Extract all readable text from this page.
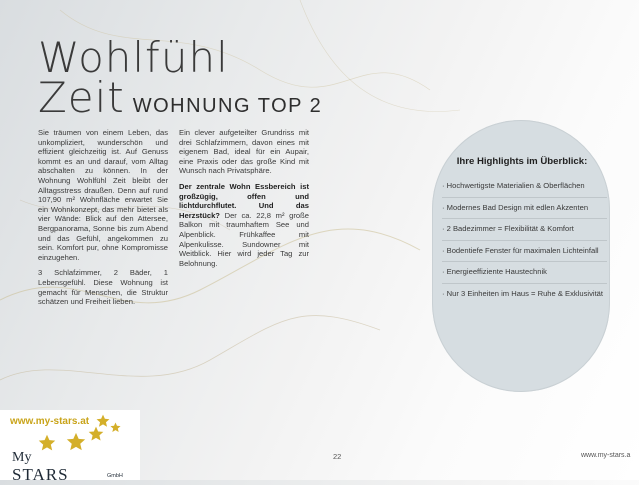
Wohlfühl
Zeit WOHNUNG TOP 2

Sie träumen von einem Leben, das unkompliziert, wunderschön und effizient gleichzeitig ist. Auf Genuss kommt es an und darauf, vom Alltag abschalten zu können. In der Wohnung Wohlfühl Zeit bleibt der Alltagsstress draußen. Denn auf rund 107,90 m² Wohnfläche erwartet Sie ein Wohnkonzept, das mehr bietet als vier Wände: Blick auf den Attersee, Bergpanorama, Sonne bis zum Abend und das Gefühl, angekommen zu sein. Komfort pur, ohne Kompromisse einzugehen.

3 Schlafzimmer, 2 Bäder, 1 Lebensgefühl. Diese Wohnung ist gemacht für Menschen, die Struktur schätzen und Freiheit lieben.

Ein clever aufgeteilter Grundriss mit drei Schlafzimmern, davon eines mit eigenem Bad, ideal für ein Aupair, eine Praxis oder das große Kind mit Wunsch nach Privatsphäre.

Der zentrale Wohn Essbereich ist großzügig, offen und lichtdurchflutet. Und das Herzstück? Der ca. 22,8 m² große Balkon mit traumhaftem See und Alpenblick. Frühkaffee mit Alpenkulisse. Sundowner mit Weitblick. Hier wird jeder Tag zur Belohnung.

Ihre Highlights im Überblick:
· Hochwertigste Materialien & Oberflächen
· Modernes Bad Design mit edlen Akzenten
· 2 Badezimmer = Flexibilität & Komfort
· Bodentiefe Fenster für maximalen Lichteinfall
· Energieeffiziente Haustechnik
· Nur 3 Einheiten im Haus = Ruhe & Exklusivität
www.my-stars.at
My
STARS	GmbH
22	www.my-stars.a
